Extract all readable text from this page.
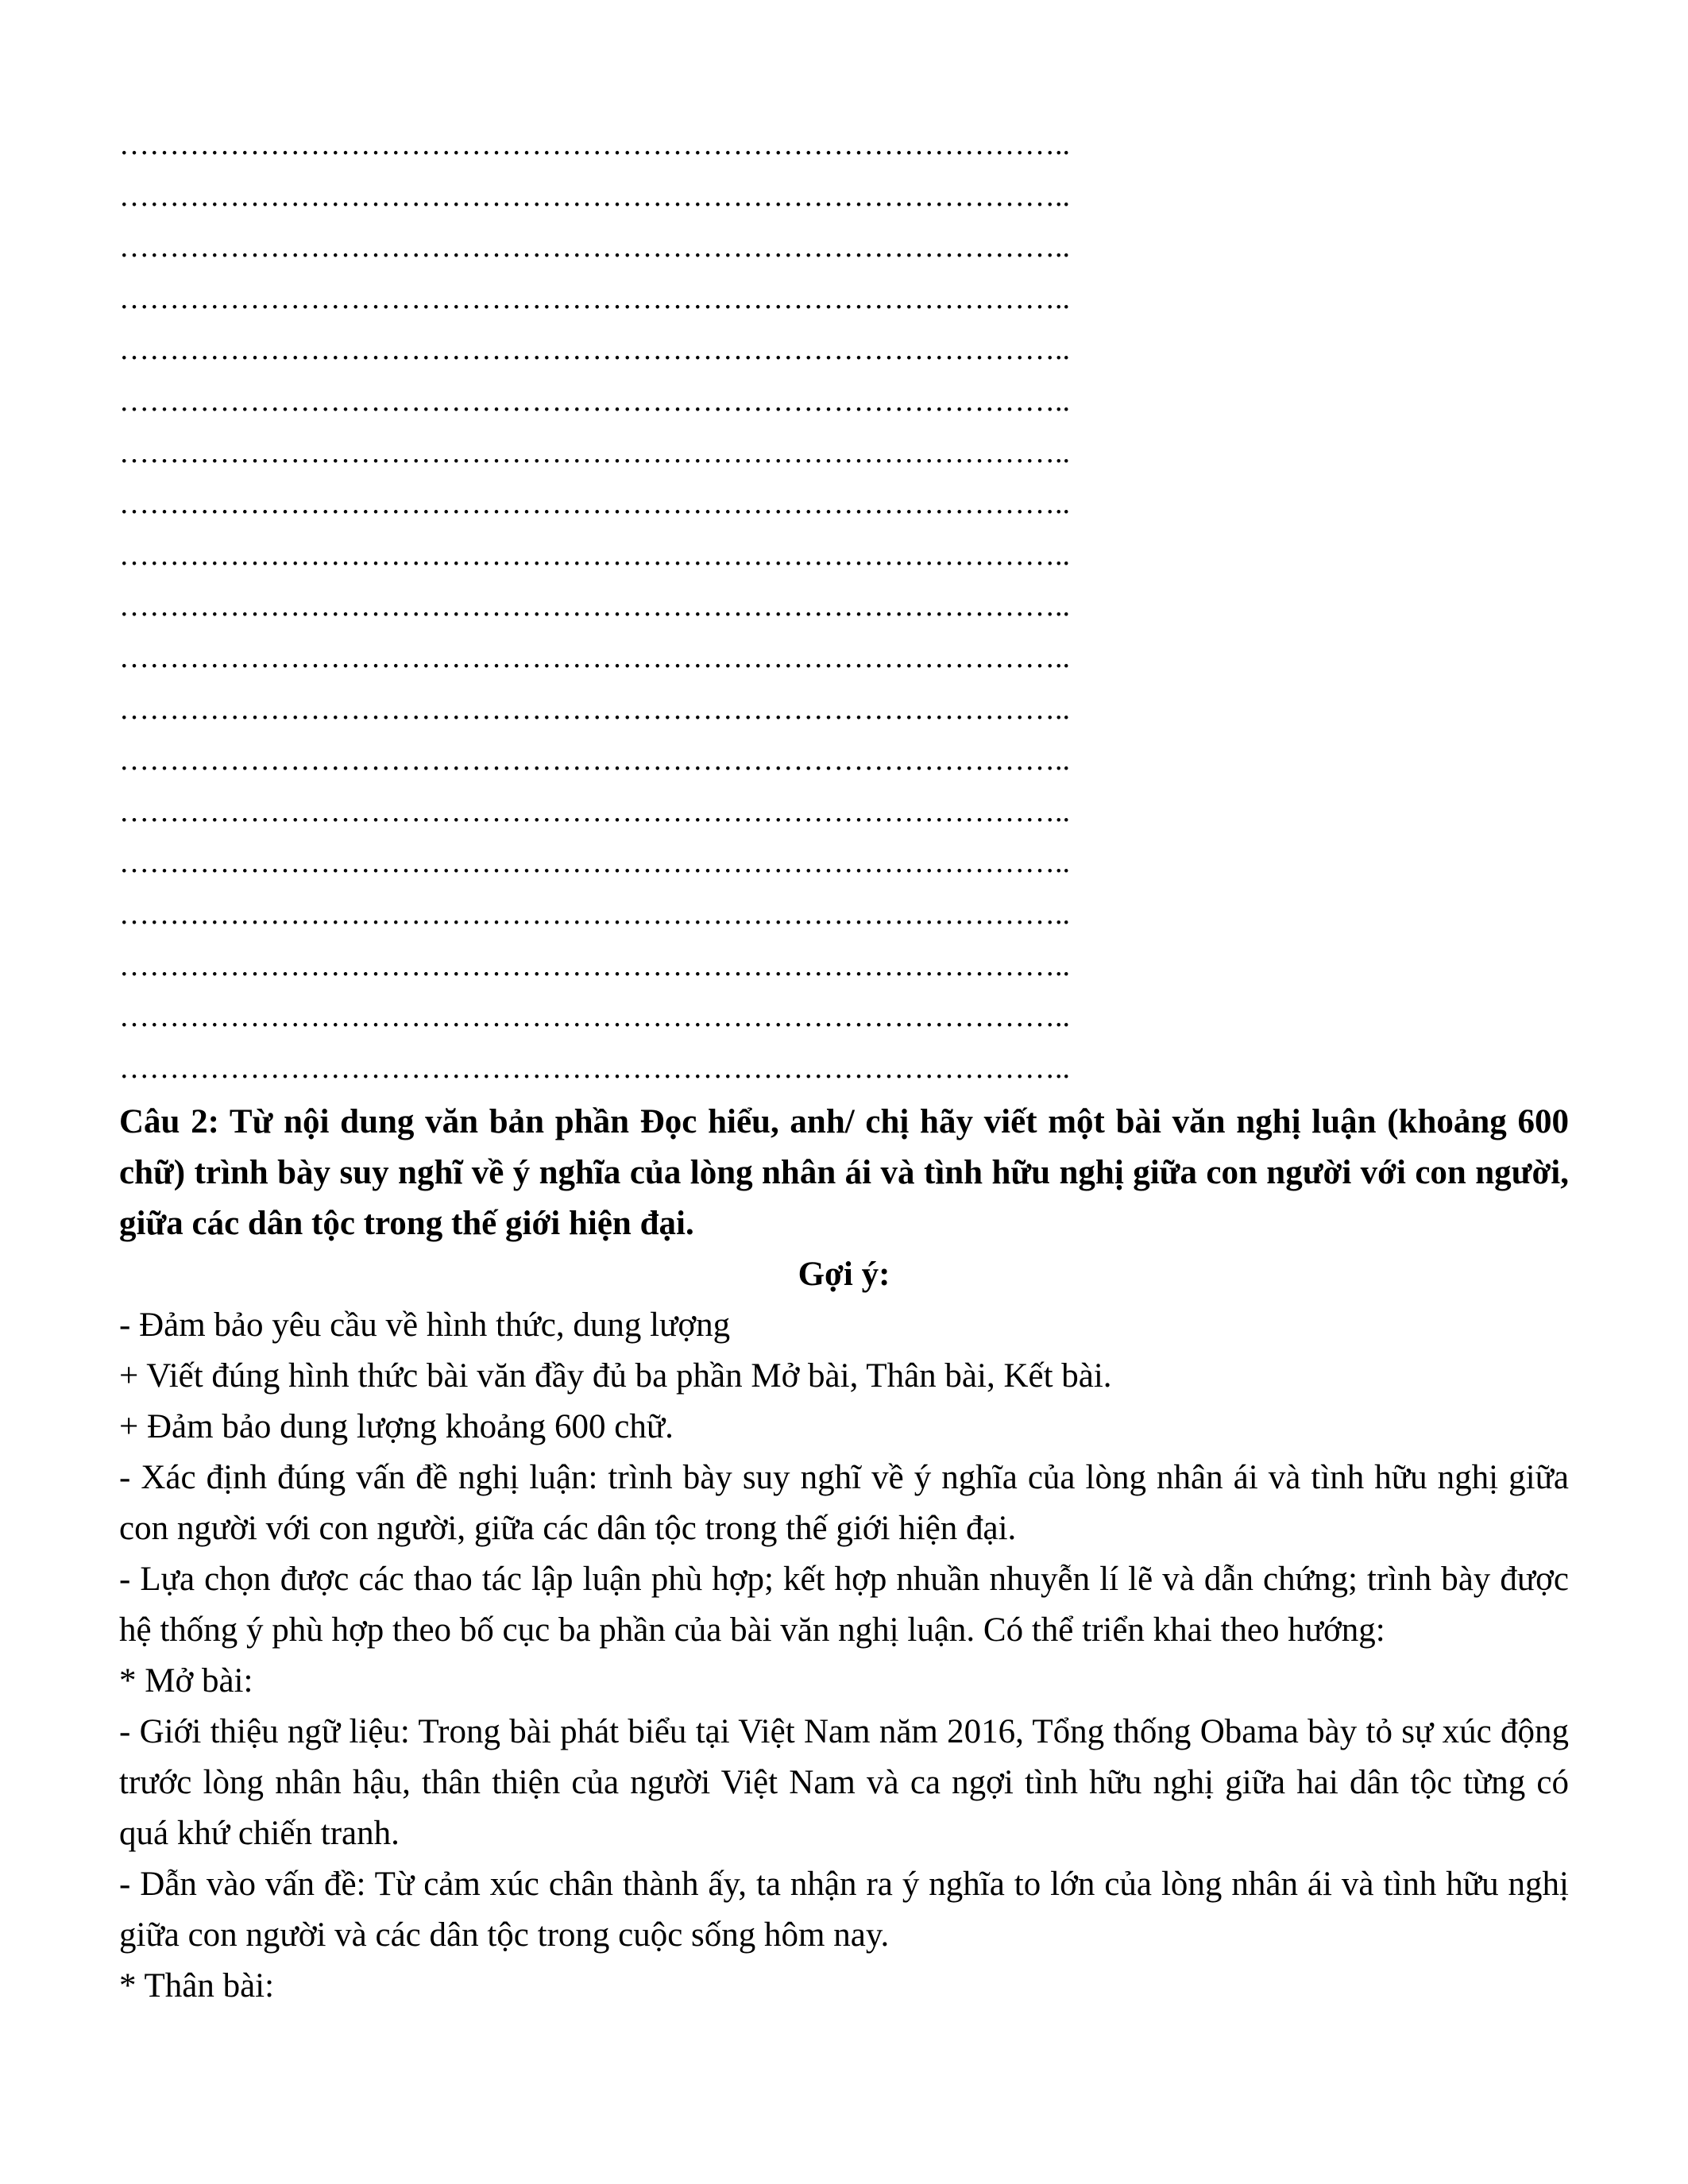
…………………………………………………………………………………..
…………………………………………………………………………………..
…………………………………………………………………………………..
…………………………………………………………………………………..
…………………………………………………………………………………..
…………………………………………………………………………………..
…………………………………………………………………………………..
…………………………………………………………………………………..
…………………………………………………………………………………..
…………………………………………………………………………………..
…………………………………………………………………………………..
…………………………………………………………………………………..
…………………………………………………………………………………..
…………………………………………………………………………………..
…………………………………………………………………………………..
…………………………………………………………………………………..
…………………………………………………………………………………..
…………………………………………………………………………………..
…………………………………………………………………………………..
Câu 2: Từ nội dung văn bản phần Đọc hiểu, anh/ chị hãy viết một bài văn nghị luận (khoảng 600 chữ) trình bày suy nghĩ về ý nghĩa của lòng nhân ái và tình hữu nghị giữa con người với con người, giữa các dân tộc trong thế giới hiện đại.
Gợi ý:

- Đảm bảo yêu cầu về hình thức, dung lượng

+ Viết đúng hình thức bài văn đầy đủ ba phần Mở bài, Thân bài, Kết bài.

+ Đảm bảo dung lượng khoảng 600 chữ.

- Xác định đúng vấn đề nghị luận: trình bày suy nghĩ về ý nghĩa của lòng nhân ái và tình hữu nghị giữa con người với con người, giữa các dân tộc trong thế giới hiện đại.

- Lựa chọn được các thao tác lập luận phù hợp; kết hợp nhuần nhuyễn lí lẽ và dẫn chứng; trình bày được hệ thống ý phù hợp theo bố cục ba phần của bài văn nghị luận. Có thể triển khai theo hướng:

* Mở bài:

- Giới thiệu ngữ liệu: Trong bài phát biểu tại Việt Nam năm 2016, Tổng thống Obama bày tỏ sự xúc động trước lòng nhân hậu, thân thiện của người Việt Nam và ca ngợi tình hữu nghị giữa hai dân tộc từng có quá khứ chiến tranh.

- Dẫn vào vấn đề: Từ cảm xúc chân thành ấy, ta nhận ra ý nghĩa to lớn của lòng nhân ái và tình hữu nghị giữa con người và các dân tộc trong cuộc sống hôm nay.

* Thân bài:
